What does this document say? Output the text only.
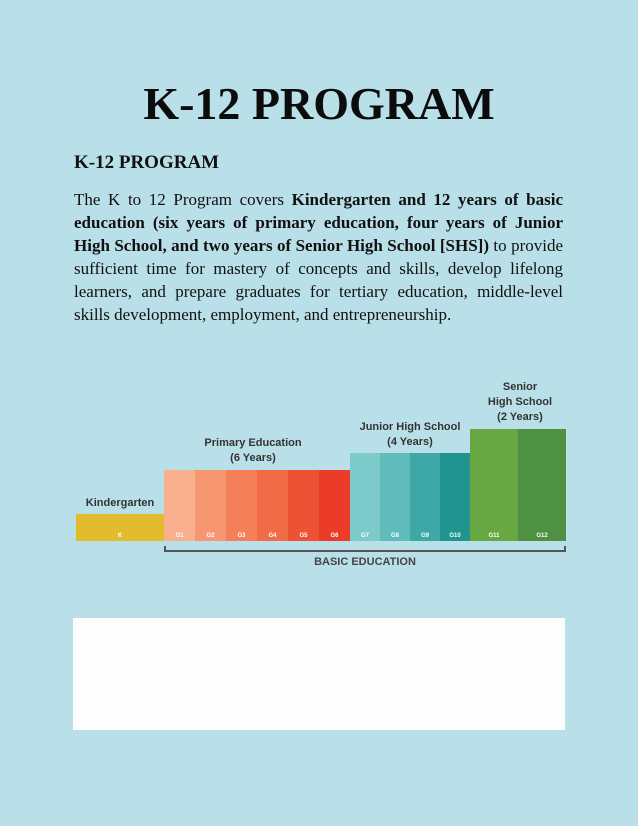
K-12 PROGRAM
K-12 PROGRAM
The K to 12 Program covers Kindergarten and 12 years of basic education (six years of primary education, four years of Junior High School, and two years of Senior High School [SHS]) to provide sufficient time for mastery of concepts and skills, develop lifelong learners, and prepare graduates for tertiary education, middle-level skills development, employment, and entrepreneurship.
Kindergarten
Primary Education
(6 Years)
Junior High School
(4 Years)
Senior
High School
(2 Years)
K	G1	G2	G3	G4	G5	G6	G7	G8	G9	G10	G11	G12
BASIC EDUCATION
